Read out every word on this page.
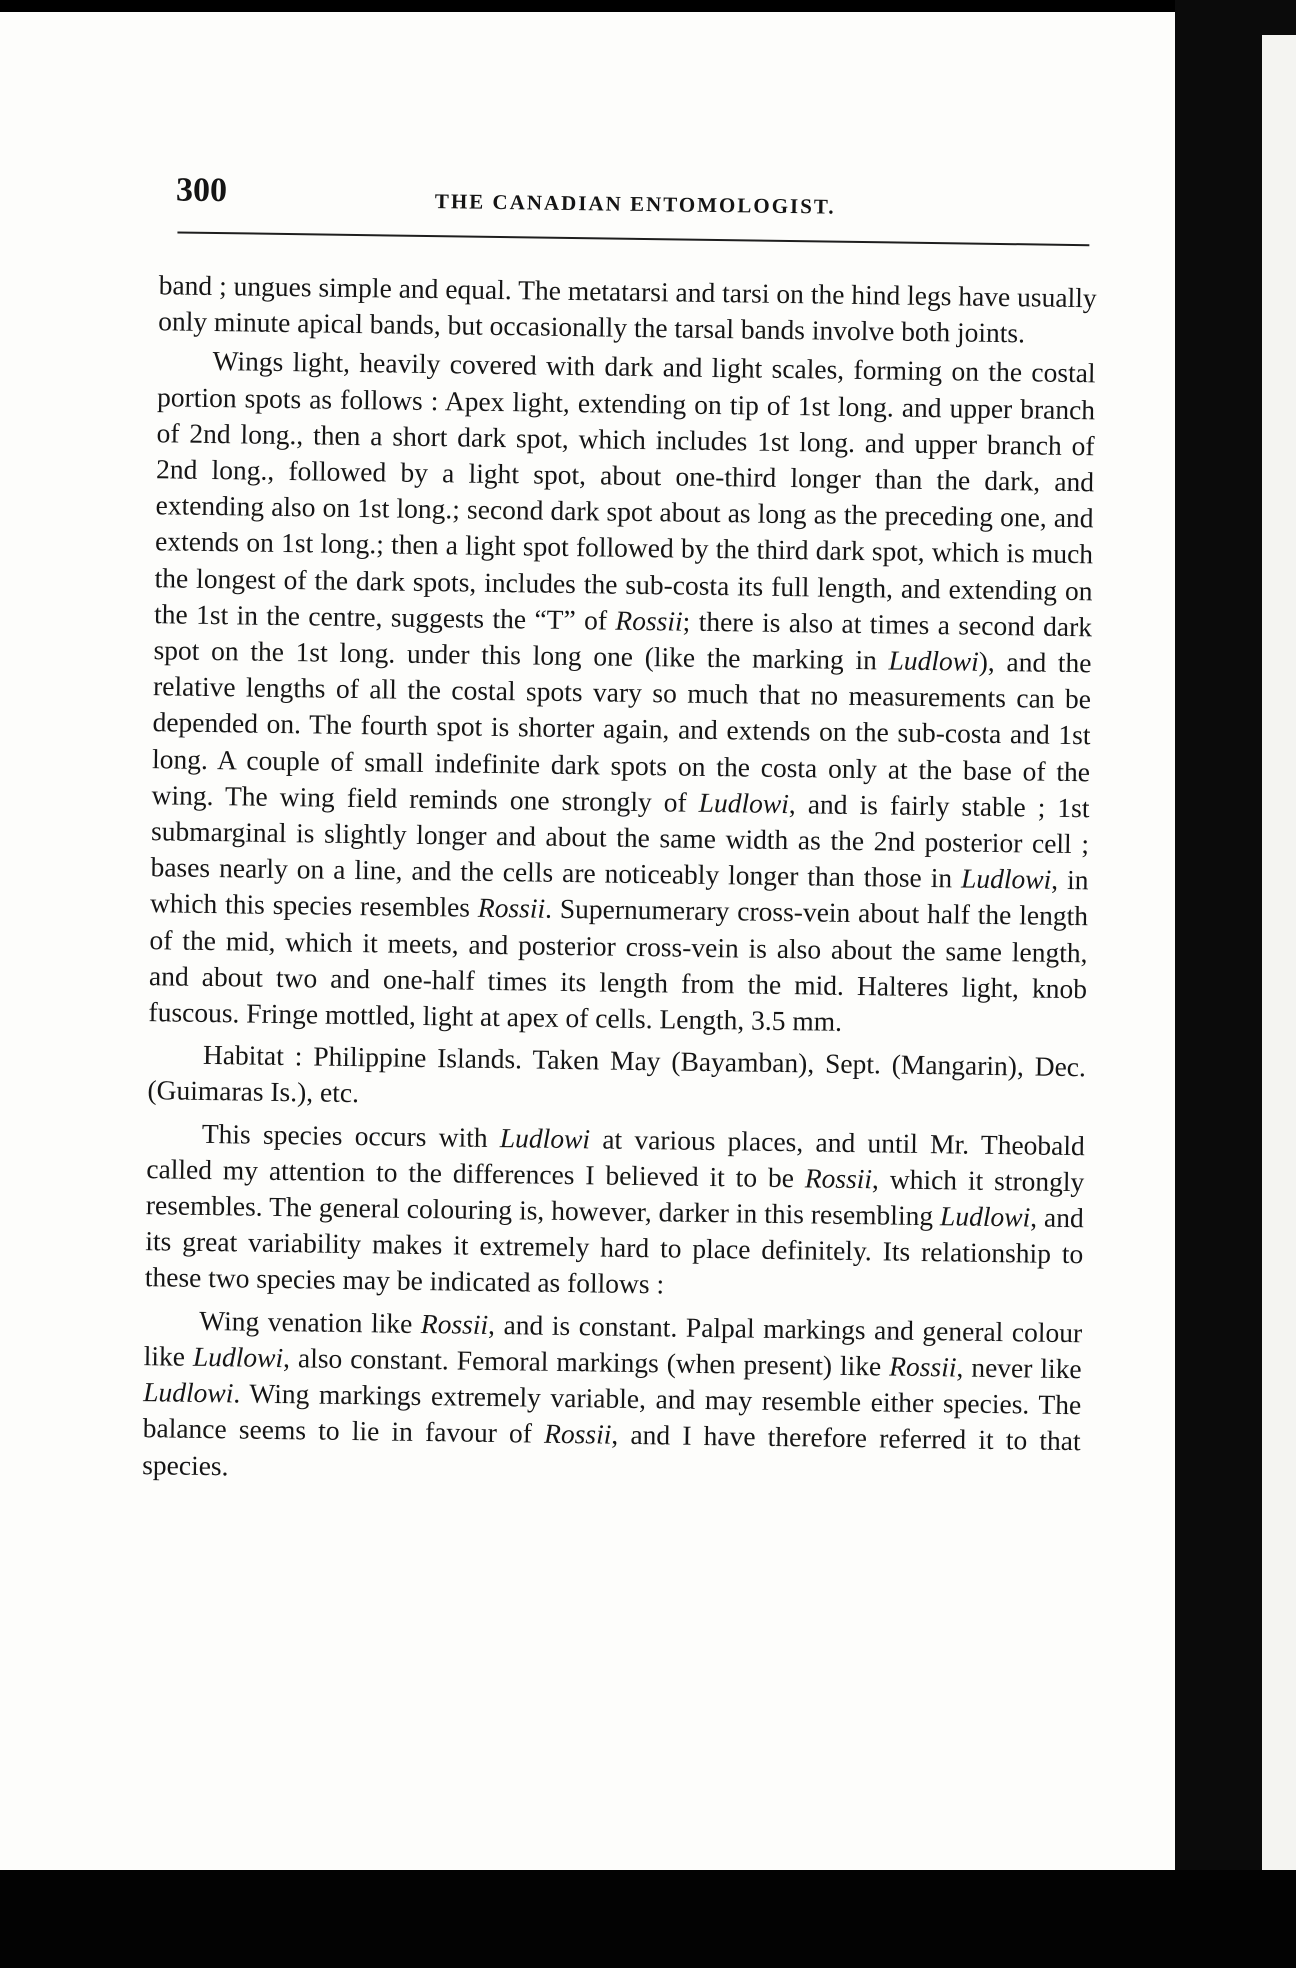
300	THE CANADIAN ENTOMOLOGIST.

band ; ungues simple and equal. The metatarsi and tarsi on the hind legs have usually only minute apical bands, but occasionally the tarsal bands involve both joints.

Wings light, heavily covered with dark and light scales, forming on the costal portion spots as follows : Apex light, extending on tip of 1st long. and upper branch of 2nd long., then a short dark spot, which includes 1st long. and upper branch of 2nd long., followed by a light spot, about one-third longer than the dark, and extending also on 1st long.; second dark spot about as long as the preceding one, and extends on 1st long.; then a light spot followed by the third dark spot, which is much the longest of the dark spots, includes the sub-costa its full length, and extending on the 1st in the centre, suggests the “T” of Rossii; there is also at times a second dark spot on the 1st long. under this long one (like the marking in Ludlowi), and the relative lengths of all the costal spots vary so much that no measurements can be depended on. The fourth spot is shorter again, and extends on the sub-costa and 1st long. A couple of small indefinite dark spots on the costa only at the base of the wing. The wing field reminds one strongly of Ludlowi, and is fairly stable ; 1st submarginal is slightly longer and about the same width as the 2nd posterior cell ; bases nearly on a line, and the cells are noticeably longer than those in Ludlowi, in which this species resembles Rossii. Supernumerary cross-vein about half the length of the mid, which it meets, and posterior cross-vein is also about the same length, and about two and one-half times its length from the mid. Halteres light, knob fuscous. Fringe mottled, light at apex of cells. Length, 3.5 mm.

Habitat : Philippine Islands. Taken May (Bayamban), Sept. (Mangarin), Dec. (Guimaras Is.), etc.

This species occurs with Ludlowi at various places, and until Mr. Theobald called my attention to the differences I believed it to be Rossii, which it strongly resembles. The general colouring is, however, darker in this resembling Ludlowi, and its great variability makes it extremely hard to place definitely. Its relationship to these two species may be indicated as follows :

Wing venation like Rossii, and is constant. Palpal markings and general colour like Ludlowi, also constant. Femoral markings (when present) like Rossii, never like Ludlowi. Wing markings extremely variable, and may resemble either species. The balance seems to lie in favour of Rossii, and I have therefore referred it to that species.
